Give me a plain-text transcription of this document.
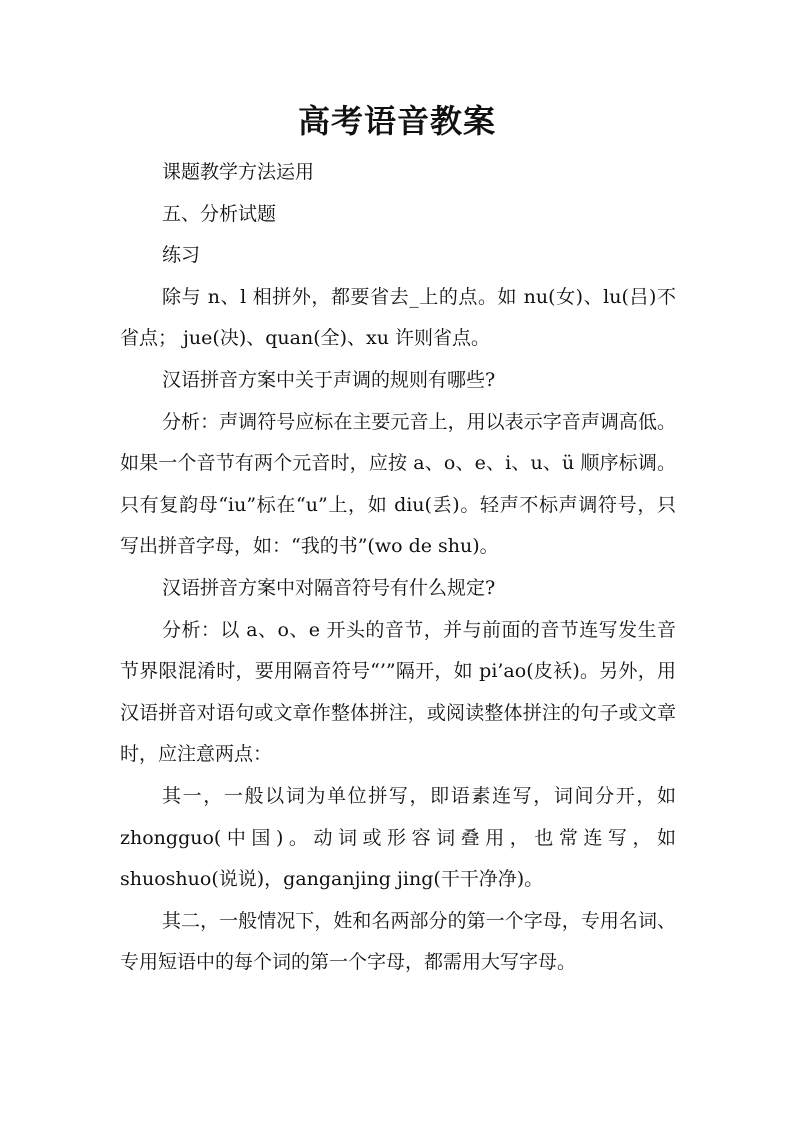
高考语音教案

课题教学方法运用

五、分析试题

练习

除与 n、l 相拼外，都要省去_上的点。如 nu(女)、lu(吕)不省点； jue(决)、quan(全)、xu 许则省点。

汉语拼音方案中关于声调的规则有哪些?

分析：声调符号应标在主要元音上，用以表示字音声调高低。如果一个音节有两个元音时，应按 a、o、e、i、u、ü 顺序标调。只有复韵母“iu”标在“u”上，如 diu(丢)。轻声不标声调符号，只写出拼音字母，如：“我的书”(wo de shu)。

汉语拼音方案中对隔音符号有什么规定?

分析：以 a、o、e 开头的音节，并与前面的音节连写发生音节界限混淆时，要用隔音符号“’”隔开，如 pi’ao(皮袄)。另外，用汉语拼音对语句或文章作整体拼注，或阅读整体拼注的句子或文章时，应注意两点：

其一，一般以词为单位拼写，即语素连写，词间分开，如 zhongguo(中国)。动词或形容词叠用，也常连写，如 shuoshuo(说说)，ganganjing jing(干干净净)。

其二，一般情况下，姓和名两部分的第一个字母，专用名词、专用短语中的每个词的第一个字母，都需用大写字母。
